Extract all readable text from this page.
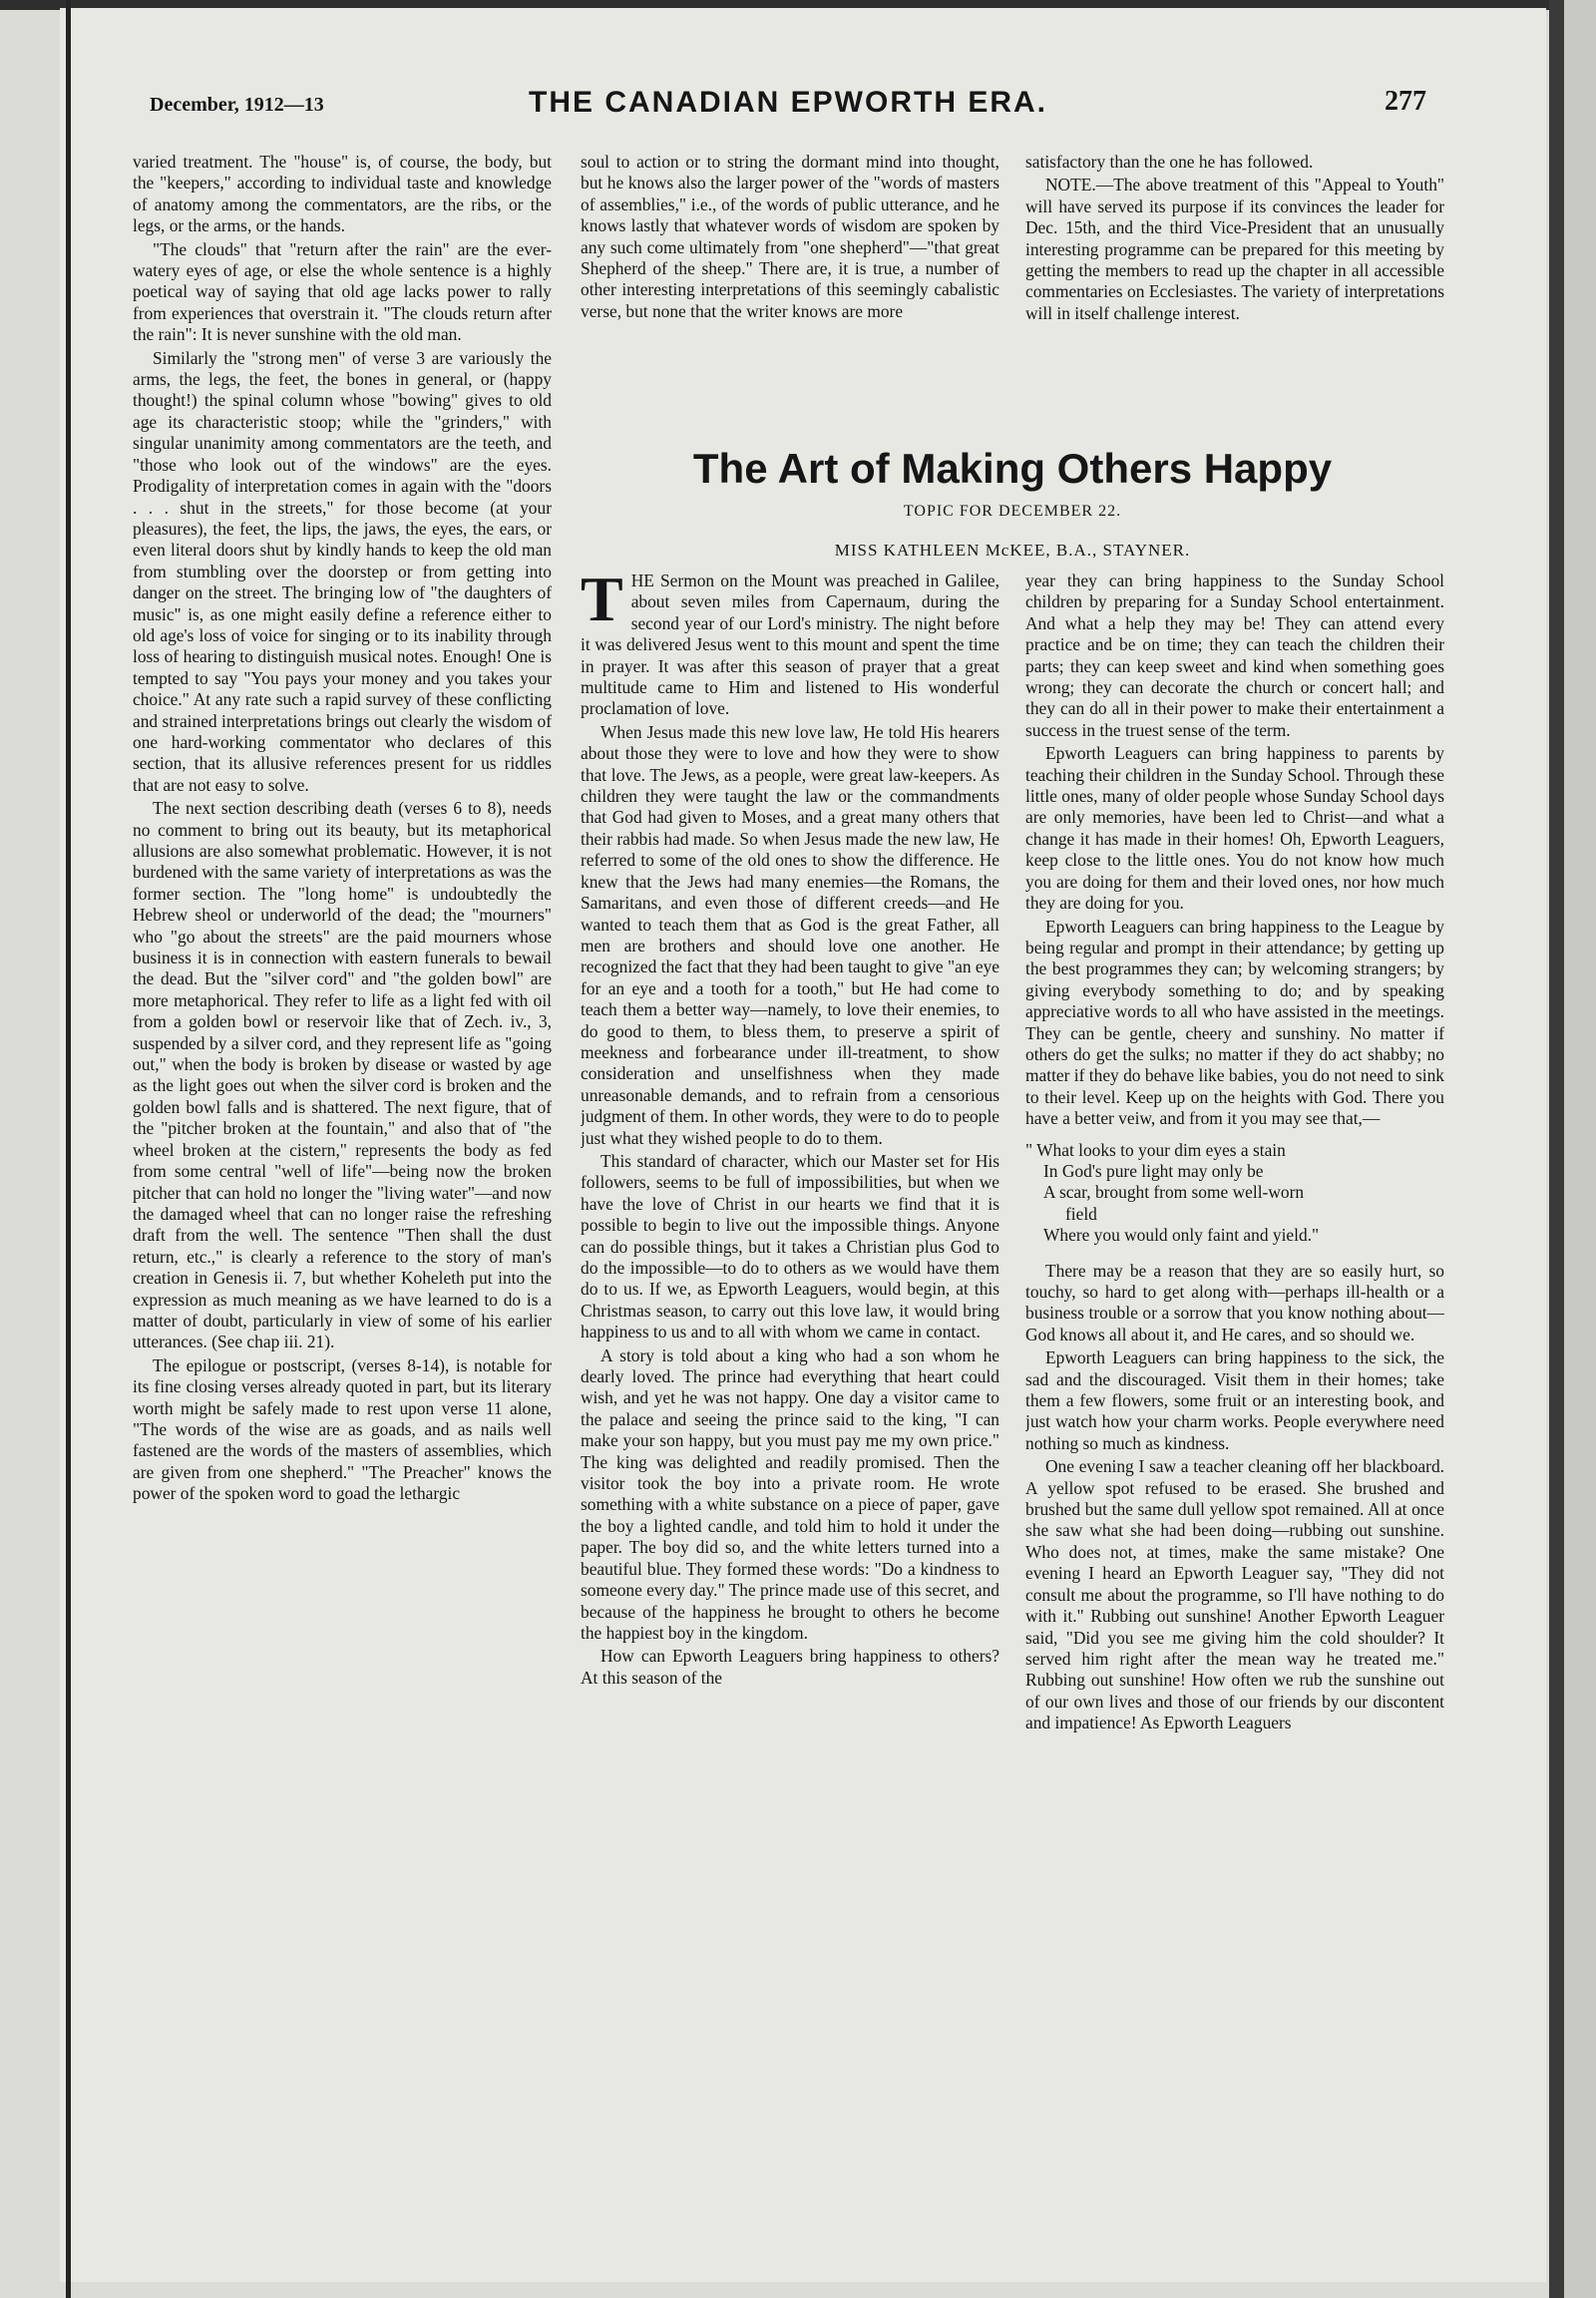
December, 1912—13	THE CANADIAN EPWORTH ERA.	277

varied treatment. The "house" is, of course, the body, but the "keepers," according to individual taste and knowledge of anatomy among the commentators, are the ribs, or the legs, or the arms, or the hands.

"The clouds" that "return after the rain" are the ever-watery eyes of age, or else the whole sentence is a highly poetical way of saying that old age lacks power to rally from experiences that overstrain it. "The clouds return after the rain": It is never sunshine with the old man.

Similarly the "strong men" of verse 3 are variously the arms, the legs, the feet, the bones in general, or (happy thought!) the spinal column whose "bowing" gives to old age its characteristic stoop; while the "grinders," with singular unanimity among commentators are the teeth, and "those who look out of the windows" are the eyes. Prodigality of interpretation comes in again with the "doors . . . shut in the streets," for those become (at your pleasures), the feet, the lips, the jaws, the eyes, the ears, or even literal doors shut by kindly hands to keep the old man from stumbling over the doorstep or from getting into danger on the street. The bringing low of "the daughters of music" is, as one might easily define a reference either to old age's loss of voice for singing or to its inability through loss of hearing to distinguish musical notes. Enough! One is tempted to say "You pays your money and you takes your choice." At any rate such a rapid survey of these conflicting and strained interpretations brings out clearly the wisdom of one hard-working commentator who declares of this section, that its allusive references present for us riddles that are not easy to solve.

The next section describing death (verses 6 to 8), needs no comment to bring out its beauty, but its metaphorical allusions are also somewhat problematic. However, it is not burdened with the same variety of interpretations as was the former section. The "long home" is undoubtedly the Hebrew sheol or underworld of the dead; the "mourners" who "go about the streets" are the paid mourners whose business it is in connection with eastern funerals to bewail the dead. But the "silver cord" and "the golden bowl" are more metaphorical. They refer to life as a light fed with oil from a golden bowl or reservoir like that of Zech. iv., 3, suspended by a silver cord, and they represent life as "going out," when the body is broken by disease or wasted by age as the light goes out when the silver cord is broken and the golden bowl falls and is shattered. The next figure, that of the "pitcher broken at the fountain," and also that of "the wheel broken at the cistern," represents the body as fed from some central "well of life"—being now the broken pitcher that can hold no longer the "living water"—and now the damaged wheel that can no longer raise the refreshing draft from the well. The sentence "Then shall the dust return, etc.," is clearly a reference to the story of man's creation in Genesis ii. 7, but whether Koheleth put into the expression as much meaning as we have learned to do is a matter of doubt, particularly in view of some of his earlier utterances. (See chap iii. 21).

The epilogue or postscript, (verses 8-14), is notable for its fine closing verses already quoted in part, but its literary worth might be safely made to rest upon verse 11 alone, "The words of the wise are as goads, and as nails well fastened are the words of the masters of assemblies, which are given from one shepherd." "The Preacher" knows the power of the spoken word to goad the lethargic

soul to action or to string the dormant mind into thought, but he knows also the larger power of the "words of masters of assemblies," i.e., of the words of public utterance, and he knows lastly that whatever words of wisdom are spoken by any such come ultimately from "one shepherd"—"that great Shepherd of the sheep." There are, it is true, a number of other interesting interpretations of this seemingly cabalistic verse, but none that the writer knows are more

satisfactory than the one he has followed.

NOTE.—The above treatment of this "Appeal to Youth" will have served its purpose if its convinces the leader for Dec. 15th, and the third Vice-President that an unusually interesting programme can be prepared for this meeting by getting the members to read up the chapter in all accessible commentaries on Ecclesiastes. The variety of interpretations will in itself challenge interest.

The Art of Making Others Happy
TOPIC FOR DECEMBER 22.
MISS KATHLEEN McKEE, B.A., STAYNER.

THE Sermon on the Mount was preached in Galilee, about seven miles from Capernaum, during the second year of our Lord's ministry. The night before it was delivered Jesus went to this mount and spent the time in prayer. It was after this season of prayer that a great multitude came to Him and listened to His wonderful proclamation of love.

When Jesus made this new love law, He told His hearers about those they were to love and how they were to show that love. The Jews, as a people, were great law-keepers. As children they were taught the law or the commandments that God had given to Moses, and a great many others that their rabbis had made. So when Jesus made the new law, He referred to some of the old ones to show the difference. He knew that the Jews had many enemies—the Romans, the Samaritans, and even those of different creeds—and He wanted to teach them that as God is the great Father, all men are brothers and should love one another. He recognized the fact that they had been taught to give "an eye for an eye and a tooth for a tooth," but He had come to teach them a better way—namely, to love their enemies, to do good to them, to bless them, to preserve a spirit of meekness and forbearance under ill-treatment, to show consideration and unselfishness when they made unreasonable demands, and to refrain from a censorious judgment of them. In other words, they were to do to people just what they wished people to do to them.

This standard of character, which our Master set for His followers, seems to be full of impossibilities, but when we have the love of Christ in our hearts we find that it is possible to begin to live out the impossible things. Anyone can do possible things, but it takes a Christian plus God to do the impossible—to do to others as we would have them do to us. If we, as Epworth Leaguers, would begin, at this Christmas season, to carry out this love law, it would bring happiness to us and to all with whom we came in contact.

A story is told about a king who had a son whom he dearly loved. The prince had everything that heart could wish, and yet he was not happy. One day a visitor came to the palace and seeing the prince said to the king, "I can make your son happy, but you must pay me my own price." The king was delighted and readily promised. Then the visitor took the boy into a private room. He wrote something with a white substance on a piece of paper, gave the boy a lighted candle, and told him to hold it under the paper. The boy did so, and the white letters turned into a beautiful blue. They formed these words: "Do a kindness to someone every day." The prince made use of this secret, and because of the happiness he brought to others he become the happiest boy in the kingdom.

How can Epworth Leaguers bring happiness to others? At this season of the

year they can bring happiness to the Sunday School children by preparing for a Sunday School entertainment. And what a help they may be! They can attend every practice and be on time; they can teach the children their parts; they can keep sweet and kind when something goes wrong; they can decorate the church or concert hall; and they can do all in their power to make their entertainment a success in the truest sense of the term.

Epworth Leaguers can bring happiness to parents by teaching their children in the Sunday School. Through these little ones, many of older people whose Sunday School days are only memories, have been led to Christ—and what a change it has made in their homes! Oh, Epworth Leaguers, keep close to the little ones. You do not know how much you are doing for them and their loved ones, nor how much they are doing for you.

Epworth Leaguers can bring happiness to the League by being regular and prompt in their attendance; by getting up the best programmes they can; by welcoming strangers; by giving everybody something to do; and by speaking appreciative words to all who have assisted in the meetings. They can be gentle, cheery and sunshiny. No matter if others do get the sulks; no matter if they do act shabby; no matter if they do behave like babies, you do not need to sink to their level. Keep up on the heights with God. There you have a better veiw, and from it you may see that,—

" What looks to your dim eyes a stain
In God's pure light may only be
A scar, brought from some well-worn
field
Where you would only faint and yield."

There may be a reason that they are so easily hurt, so touchy, so hard to get along with—perhaps ill-health or a business trouble or a sorrow that you know nothing about—God knows all about it, and He cares, and so should we.

Epworth Leaguers can bring happiness to the sick, the sad and the discouraged. Visit them in their homes; take them a few flowers, some fruit or an interesting book, and just watch how your charm works. People everywhere need nothing so much as kindness.

One evening I saw a teacher cleaning off her blackboard. A yellow spot refused to be erased. She brushed and brushed but the same dull yellow spot remained. All at once she saw what she had been doing—rubbing out sunshine. Who does not, at times, make the same mistake? One evening I heard an Epworth Leaguer say, "They did not consult me about the programme, so I'll have nothing to do with it." Rubbing out sunshine! Another Epworth Leaguer said, "Did you see me giving him the cold shoulder? It served him right after the mean way he treated me." Rubbing out sunshine! How often we rub the sunshine out of our own lives and those of our friends by our discontent and impatience! As Epworth Leaguers
